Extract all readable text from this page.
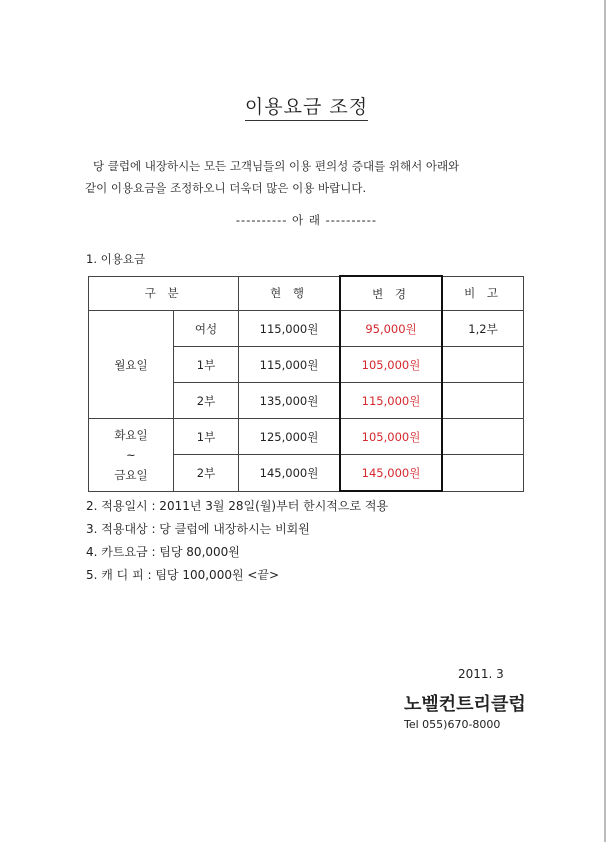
이용요금 조정

당 클럽에 내장하시는 모든 고객님들의 이용 편의성 증대를 위해서 아래와

같이 이용요금을 조정하오니 더욱더 많은 이용 바랍니다.

---------- 아 래 ----------
1. 이용요금
구 분		현 행	변 경	비 고
월요일	여성	115,000원	95,000원	1,2부
	1부	115,000원	105,000원	
	2부	135,000원	115,000원	

화요일
~
금요일	1부	125,000원	105,000원	
	2부	145,000원	145,000원	
2. 적용일시 : 2011년 3월 28일(월)부터 한시적으로 적용
3. 적용대상 : 당 클럽에 내장하시는 비회원
4. 카트요금 : 팀당 80,000원
5. 캐 디 피 : 팀당 100,000원 <끝>
2011. 3
노벨컨트리클럽
Tel 055)670-8000
